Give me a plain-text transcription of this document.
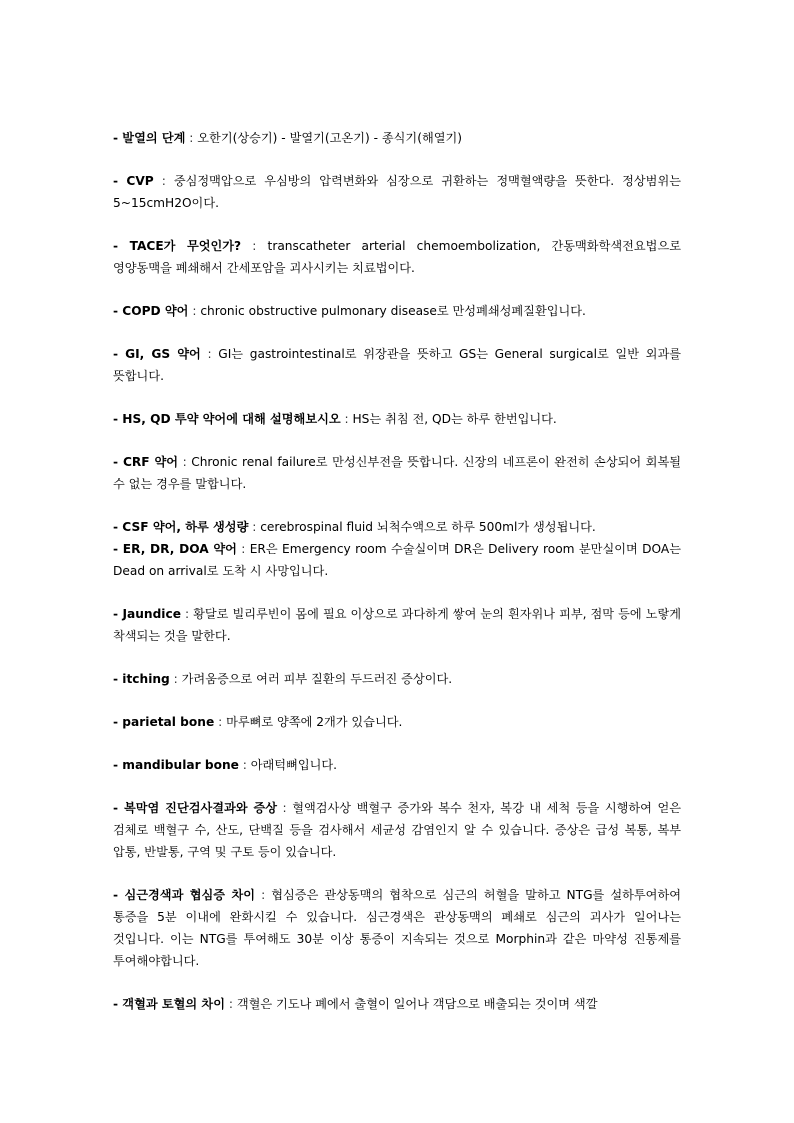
- 발열의 단계 : 오한기(상승기) - 발열기(고온기) - 종식기(해열기)

- CVP : 중심정맥압으로 우심방의 압력변화와 심장으로 귀환하는 정맥혈액량을 뜻한다. 정상범위는 5~15cmH2O이다.

- TACE가 무엇인가? : transcatheter arterial chemoembolization, 간동맥화학색전요법으로 영양동맥을 폐쇄해서 간세포암을 괴사시키는 치료법이다.

- COPD 약어 : chronic obstructive pulmonary disease로 만성폐쇄성폐질환입니다.

- GI, GS 약어 : GI는 gastrointestinal로 위장관을 뜻하고 GS는 General surgical로 일반 외과를 뜻합니다.

- HS, QD 투약 약어에 대해 설명해보시오 : HS는 취침 전, QD는 하루 한번입니다.

- CRF 약어 : Chronic renal failure로 만성신부전을 뜻합니다. 신장의 네프론이 완전히 손상되어 회복될 수 없는 경우를 말합니다.

- CSF 약어, 하루 생성량 : cerebrospinal fluid 뇌척수액으로 하루 500ml가 생성됩니다.

- ER, DR, DOA 약어 : ER은 Emergency room 수술실이며 DR은 Delivery room 분만실이며 DOA는 Dead on arrival로 도착 시 사망입니다.

- Jaundice : 황달로 빌리루빈이 몸에 필요 이상으로 과다하게 쌓여 눈의 흰자위나 피부, 점막 등에 노랗게 착색되는 것을 말한다.

- itching : 가려움증으로 여러 피부 질환의 두드러진 증상이다.

- parietal bone : 마루뼈로 양쪽에 2개가 있습니다.

- mandibular bone : 아래턱뼈입니다.

- 복막염 진단검사결과와 증상 : 혈액검사상 백혈구 증가와 복수 천자, 복강 내 세척 등을 시행하여 얻은 검체로 백혈구 수, 산도, 단백질 등을 검사해서 세균성 감염인지 알 수 있습니다. 증상은 급성 복통, 복부 압통, 반발통, 구역 및 구토 등이 있습니다.

- 심근경색과 협심증 차이 : 협심증은 관상동맥의 협착으로 심근의 허혈을 말하고 NTG를 설하투여하여 통증을 5분 이내에 완화시킬 수 있습니다. 심근경색은 관상동맥의 폐쇄로 심근의 괴사가 일어나는 것입니다. 이는 NTG를 투여해도 30분 이상 통증이 지속되는 것으로 Morphin과 같은 마약성 진통제를 투여해야합니다.

- 객혈과 토혈의 차이 : 객혈은 기도나 폐에서 출혈이 일어나 객담으로 배출되는 것이며 색깔
